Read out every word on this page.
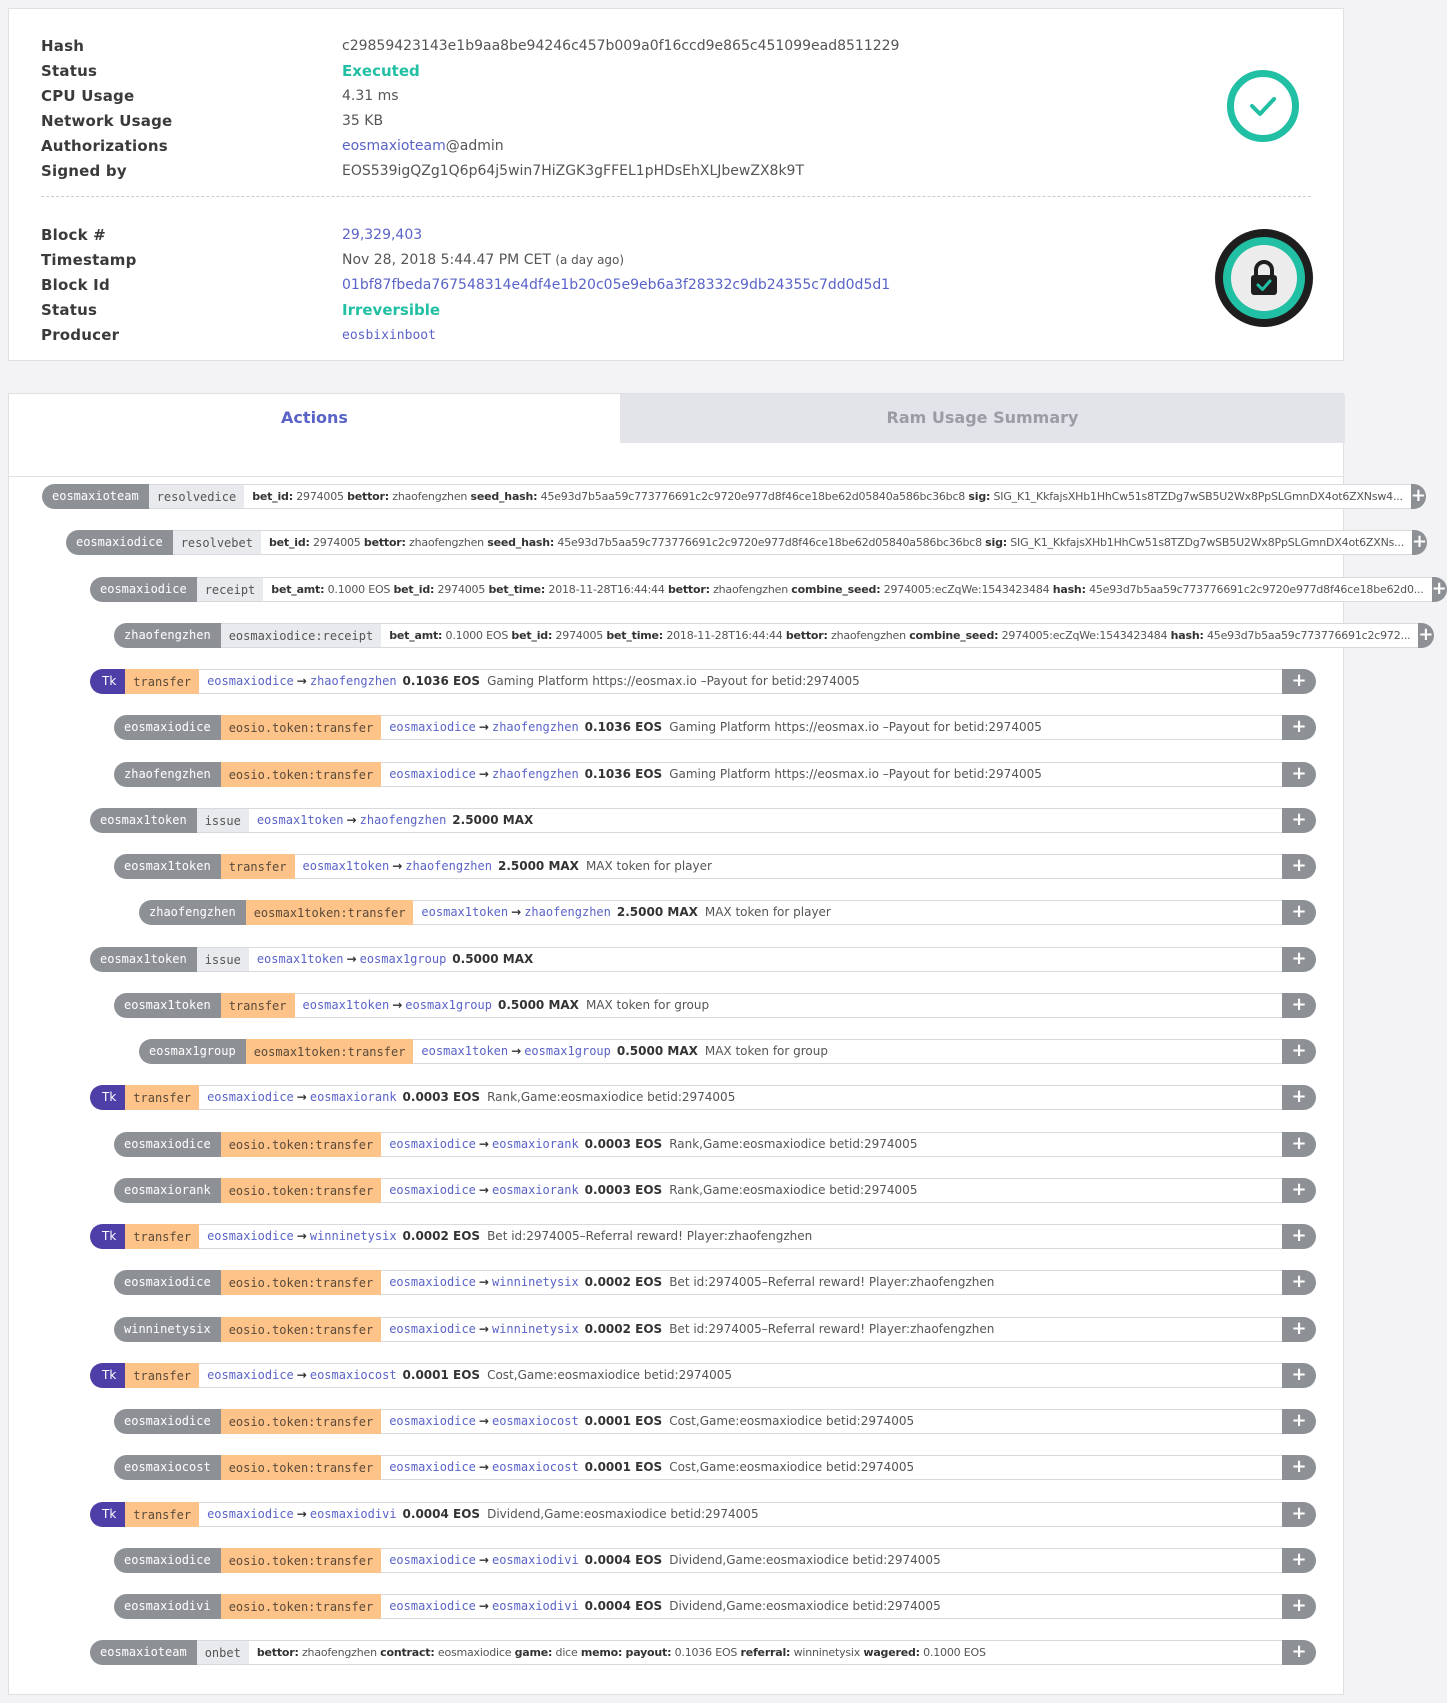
Hash	c29859423143e1b9aa8be94246c457b009a0f16ccd9e865c451099ead8511229
Status	Executed
CPU Usage	4.31 ms
Network Usage	35 KB
Authorizations	eosmaxioteam@admin
Signed by	EOS539igQZg1Q6p64j5win7HiZGK3gFFEL1pHDsEhXLJbewZX8k9T
Block #	29,329,403
Timestamp	Nov 28, 2018 5:44.47 PM CET (a day ago)
Block Id	01bf87fbeda767548314e4df4e1b20c05e9eb6a3f28332c9db24355c7dd0d5d1
Status	Irreversible
Producer	eosbixinboot
Actions	Ram Usage Summary
eosmaxioteam	resolvedice	bet_id: 2974005 bettor: zhaofengzhen seed_hash: 45e93d7b5aa59c773776691c2c9720e977d8f46ce18be62d05840a586bc36bc8 sig: SIG_K1_KkfajsXHb1HhCw51s8TZDg7wSB5U2Wx8PpSLGmnDX4ot6ZXNsw4... +
eosmaxiodice	resolvebet	bet_id: 2974005 bettor: zhaofengzhen seed_hash: 45e93d7b5aa59c773776691c2c9720e977d8f46ce18be62d05840a586bc36bc8 sig: SIG_K1_KkfajsXHb1HhCw51s8TZDg7wSB5U2Wx8PpSLGmnDX4ot6ZXNs... +
eosmaxiodice	receipt	bet_amt: 0.1000 EOS bet_id: 2974005 bet_time: 2018-11-28T16:44:44 bettor: zhaofengzhen combine_seed: 2974005:ecZqWe:1543423484 hash: 45e93d7b5aa59c773776691c2c9720e977d8f46ce18be62d0... +
zhaofengzhen	eosmaxiodice:receipt	bet_amt: 0.1000 EOS bet_id: 2974005 bet_time: 2018-11-28T16:44:44 bettor: zhaofengzhen combine_seed: 2974005:ecZqWe:1543423484 hash: 45e93d7b5aa59c773776691c2c972... +
Tk	transfer	eosmaxiodice → zhaofengzhen 0.1036 EOS Gaming Platform https://eosmax.io –Payout for betid:2974005	+
eosmaxiodice	eosio.token:transfer	eosmaxiodice → zhaofengzhen 0.1036 EOS Gaming Platform https://eosmax.io –Payout for betid:2974005	+
zhaofengzhen	eosio.token:transfer	eosmaxiodice → zhaofengzhen 0.1036 EOS Gaming Platform https://eosmax.io –Payout for betid:2974005	+
eosmax1token	issue	eosmax1token → zhaofengzhen 2.5000 MAX	+
eosmax1token	transfer	eosmax1token → zhaofengzhen 2.5000 MAX MAX token for player	+
zhaofengzhen	eosmax1token:transfer	eosmax1token → zhaofengzhen 2.5000 MAX MAX token for player	+
eosmax1token	issue	eosmax1token → eosmax1group 0.5000 MAX	+
eosmax1token	transfer	eosmax1token → eosmax1group 0.5000 MAX MAX token for group	+
eosmax1group	eosmax1token:transfer	eosmax1token → eosmax1group 0.5000 MAX MAX token for group	+
Tk	transfer	eosmaxiodice → eosmaxiorank 0.0003 EOS Rank,Game:eosmaxiodice betid:2974005	+
eosmaxiodice	eosio.token:transfer	eosmaxiodice → eosmaxiorank 0.0003 EOS Rank,Game:eosmaxiodice betid:2974005	+
eosmaxiorank	eosio.token:transfer	eosmaxiodice → eosmaxiorank 0.0003 EOS Rank,Game:eosmaxiodice betid:2974005	+
Tk	transfer	eosmaxiodice → winninetysix 0.0002 EOS Bet id:2974005–Referral reward! Player:zhaofengzhen	+
eosmaxiodice	eosio.token:transfer	eosmaxiodice → winninetysix 0.0002 EOS Bet id:2974005–Referral reward! Player:zhaofengzhen	+
winninetysix	eosio.token:transfer	eosmaxiodice → winninetysix 0.0002 EOS Bet id:2974005–Referral reward! Player:zhaofengzhen	+
Tk	transfer	eosmaxiodice → eosmaxiocost 0.0001 EOS Cost,Game:eosmaxiodice betid:2974005	+
eosmaxiodice	eosio.token:transfer	eosmaxiodice → eosmaxiocost 0.0001 EOS Cost,Game:eosmaxiodice betid:2974005	+
eosmaxiocost	eosio.token:transfer	eosmaxiodice → eosmaxiocost 0.0001 EOS Cost,Game:eosmaxiodice betid:2974005	+
Tk	transfer	eosmaxiodice → eosmaxiodivi 0.0004 EOS Dividend,Game:eosmaxiodice betid:2974005	+
eosmaxiodice	eosio.token:transfer	eosmaxiodice → eosmaxiodivi 0.0004 EOS Dividend,Game:eosmaxiodice betid:2974005	+
eosmaxiodivi	eosio.token:transfer	eosmaxiodice → eosmaxiodivi 0.0004 EOS Dividend,Game:eosmaxiodice betid:2974005	+
eosmaxioteam	onbet	bettor: zhaofengzhen contract: eosmaxiodice game: dice memo: payout: 0.1036 EOS referral: winninetysix wagered: 0.1000 EOS	+
